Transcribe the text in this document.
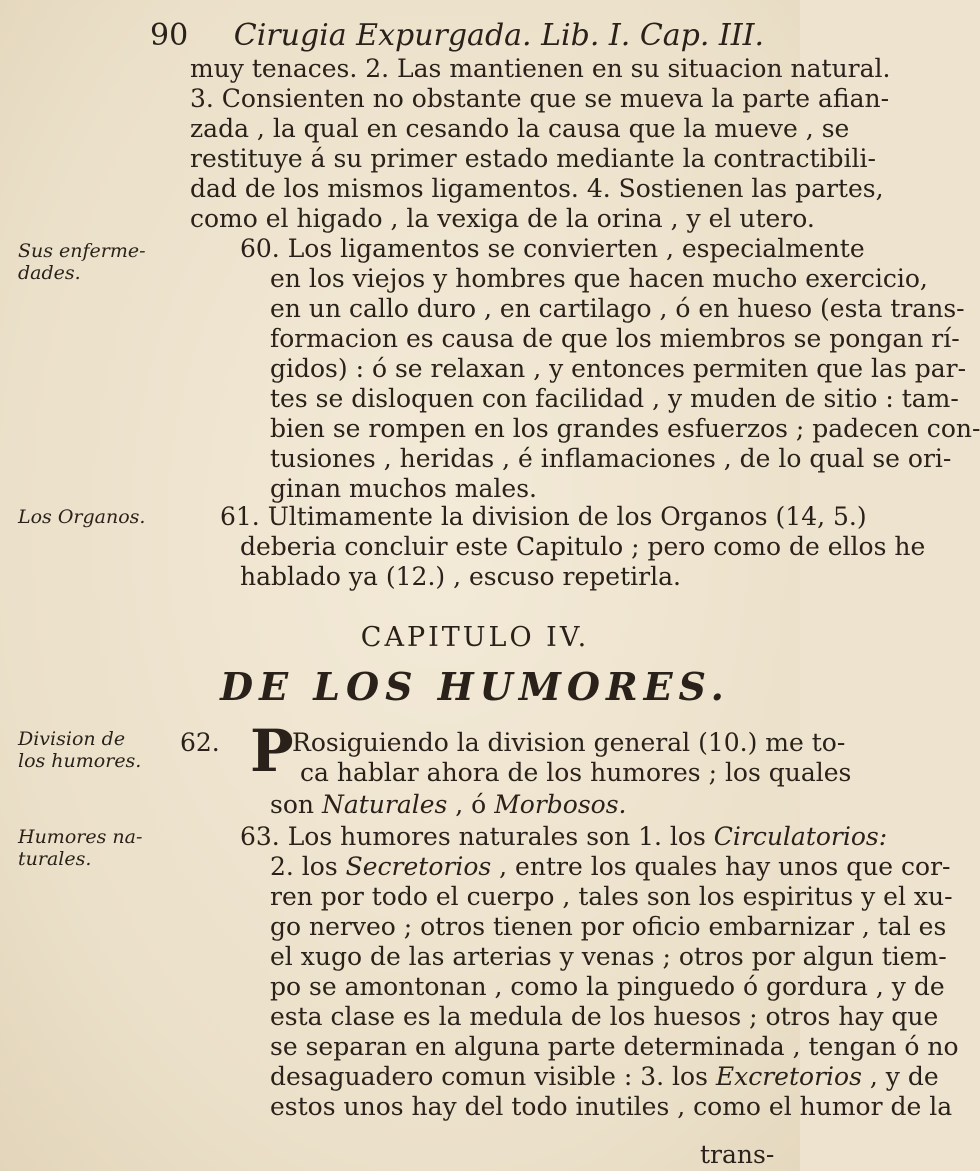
90 Cirugia Expurgada. Lib. I. Cap. III.
muy tenaces. 2. Las mantienen en su situacion natural.
3. Consienten no obstante que se mueva la parte afian-
zada , la qual en cesando la causa que la mueve , se
restituye á su primer estado mediante la contractibili-
dad de los mismos ligamentos. 4. Sostienen las partes,
como el higado , la vexiga de la orina , y el utero.
Sus enferme-
dades.
60. Los ligamentos se convierten , especialmente
en los viejos y hombres que hacen mucho exercicio,
en un callo duro , en cartilago , ó en hueso (esta trans-
formacion es causa de que los miembros se pongan rí-
gidos) : ó se relaxan , y entonces permiten que las par-
tes se disloquen con facilidad , y muden de sitio : tam-
bien se rompen en los grandes esfuerzos ; padecen con-
tusiones , heridas , é inflamaciones , de lo qual se ori-
ginan muchos males.
Los Organos.	61. Ultimamente la division de los Organos (14, 5.)
deberia concluir este Capitulo ; pero como de ellos he
hablado ya (12.) , escuso repetirla.
CAPITULO IV.
DE LOS HUMORES.
Division de
los humores.
62. P
Rosiguiendo la division general (10.) me to-
ca hablar ahora de los humores ; los quales
son Naturales , ó Morbosos.
Humores na-
turales.
63. Los humores naturales son 1. los Circulatorios:
2. los Secretorios , entre los quales hay unos que cor-
ren por todo el cuerpo , tales son los espiritus y el xu-
go nerveo ; otros tienen por oficio embarnizar , tal es
el xugo de las arterias y venas ; otros por algun tiem-
po se amontonan , como la pinguedo ó gordura , y de
esta clase es la medula de los huesos ; otros hay que
se separan en alguna parte determinada , tengan ó no
desaguadero comun visible : 3. los Excretorios , y de
estos unos hay del todo inutiles , como el humor de la
trans-
